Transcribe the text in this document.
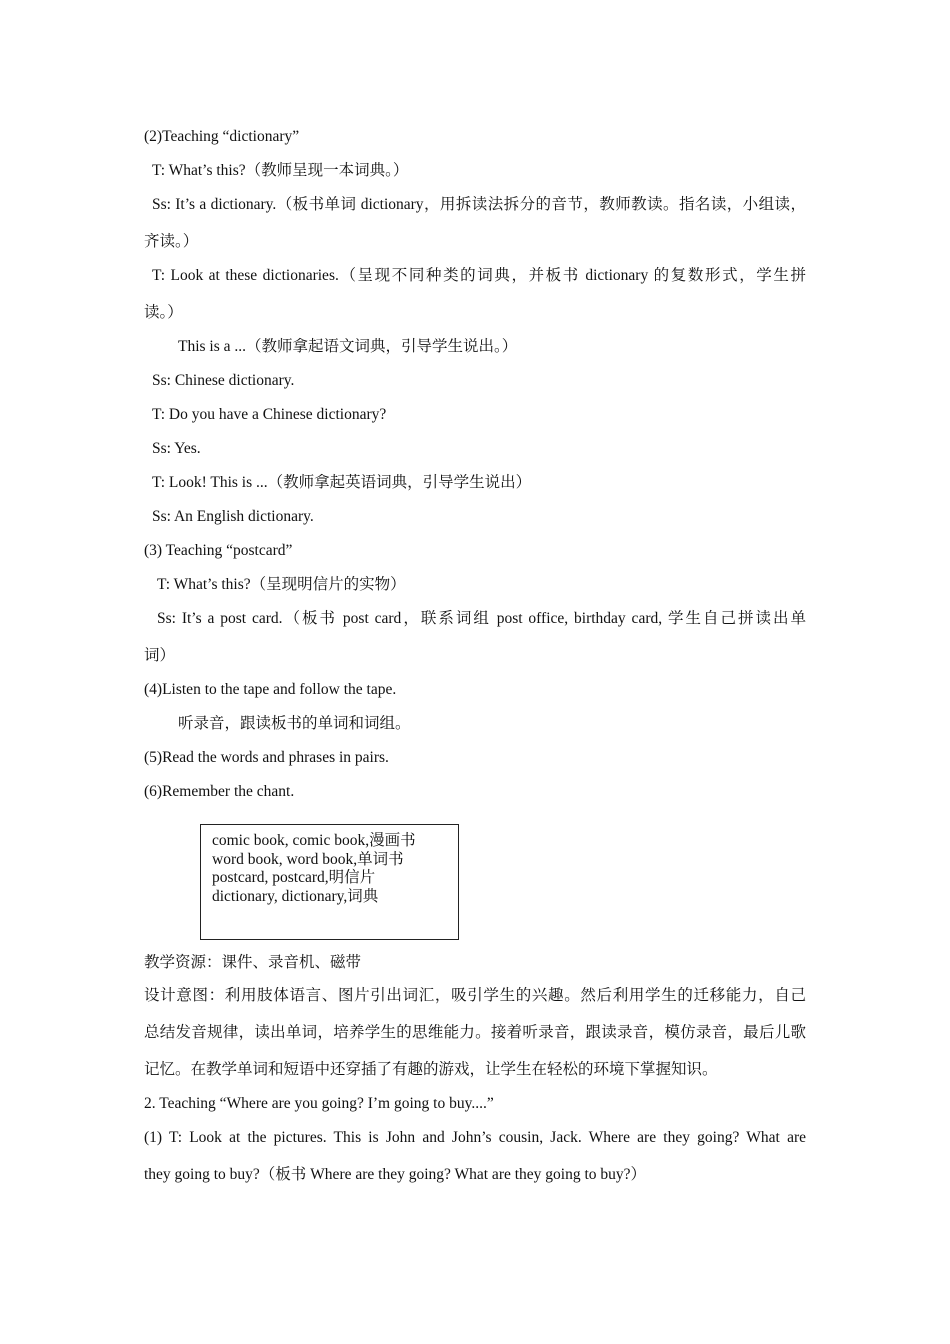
(2)Teaching “dictionary”
T: What’s this?（教师呈现一本词典。）
Ss: It’s a dictionary.（板书单词 dictionary，用拆读法拆分的音节，教师教读。指名读，小组读，
齐读。）
T: Look at these dictionaries.（呈现不同种类的词典，并板书 dictionary 的复数形式，学生拼
读。）
This is a ...（教师拿起语文词典，引导学生说出。）
Ss: Chinese dictionary.
T: Do you have a Chinese dictionary?
Ss: Yes.
T: Look! This is ...（教师拿起英语词典，引导学生说出）
Ss: An English dictionary.
(3) Teaching “postcard”
T: What’s this?（呈现明信片的实物）
Ss: It’s a post card.（板书 post card，联系词组 post office, birthday card, 学生自己拼读出单
词）
(4)Listen to the tape and follow the tape.
听录音，跟读板书的单词和词组。
(5)Read the words and phrases in pairs.
(6)Remember the chant.
comic book, comic book,漫画书
word book, word book,单词书
postcard, postcard,明信片
dictionary, dictionary,词典
教学资源：课件、录音机、磁带
设计意图：利用肢体语言、图片引出词汇，吸引学生的兴趣。然后利用学生的迁移能力，自己
总结发音规律，读出单词，培养学生的思维能力。接着听录音，跟读录音，模仿录音，最后儿歌
记忆。在教学单词和短语中还穿插了有趣的游戏，让学生在轻松的环境下掌握知识。
2. Teaching “Where are you going? I’m going to buy....”
(1) T: Look at the pictures. This is John and John’s cousin, Jack. Where are they going? What are
they going to buy?（板书 Where are they going? What are they going to buy?）
